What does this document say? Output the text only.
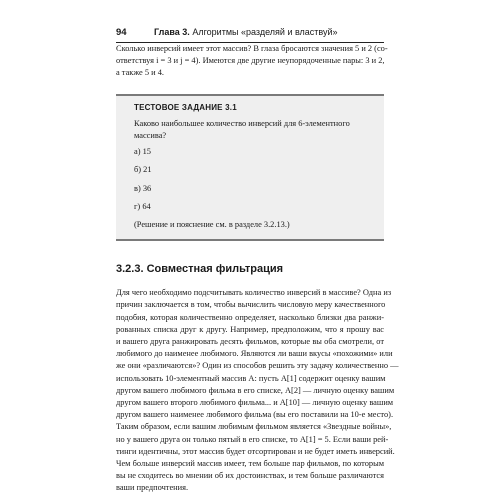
94	Глава 3. Алгоритмы «разделяй и властвуй»

Сколько инверсий имеет этот массив? В глаза бросаются значения 5 и 2 (со-
ответствуя i = 3 и j = 4). Имеются две другие неупорядоченные пары: 3 и 2,
а также 5 и 4.

ТЕСТОВОЕ ЗАДАНИЕ 3.1
Каково наибольшее количество инверсий для 6-элементного
массива?
а) 15
б) 21
в) 36
г) 64
(Решение и пояснение см. в разделе 3.2.13.)
3.2.3. Совместная фильтрация

Для чего необходимо подсчитывать количество инверсий в массиве? Одна из
причин заключается в том, чтобы вычислить числовую меру качественного
подобия, которая количественно определяет, насколько близки два ранжи-
рованных списка друг к другу. Например, предположим, что я прошу вас
и вашего друга ранжировать десять фильмов, которые вы оба смотрели, от
любимого до наименее любимого. Являются ли ваши вкусы «похожими» или
же они «различаются»? Один из способов решить эту задачу количественно —
использовать 10-элементный массив A: пусть A[1] содержит оценку вашим
другом вашего любимого фильма в его списке, A[2] — личную оценку вашим
другом вашего второго любимого фильма... и A[10] — личную оценку вашим
другом вашего наименее любимого фильма (вы его поставили на 10-е место).
Таким образом, если вашим любимым фильмом является «Звездные войны»,
но у вашего друга он только пятый в его списке, то A[1] = 5. Если ваши рей-
тинги идентичны, этот массив будет отсортирован и не будет иметь инверсий.
Чем больше инверсий массив имеет, тем больше пар фильмов, по которым
вы не сходитесь во мнении об их достоинствах, и тем больше различаются
ваши предпочтения.
